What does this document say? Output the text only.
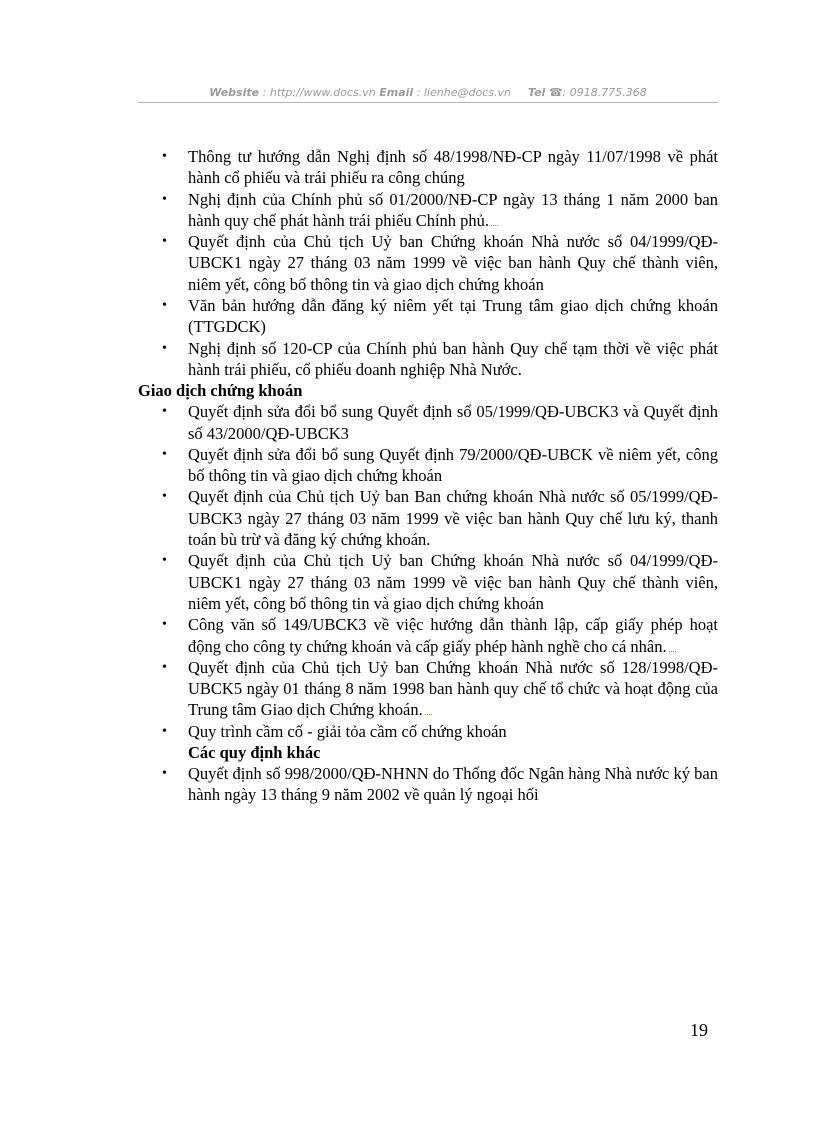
Website : http://www.docs.vn Email : lienhe@docs.vn Tel ☎: 0918.775.368
• Thông tư hướng dẫn Nghị định số 48/1998/NĐ-CP ngày 11/07/1998 về phát hành cổ phiếu và trái phiếu ra công chúng
• Nghị định của Chính phủ số 01/2000/NĐ-CP ngày 13 tháng 1 năm 2000 ban hành quy chế phát hành trái phiếu Chính phủ.
• Quyết định của Chủ tịch Uỷ ban Chứng khoán Nhà nước số 04/1999/QĐ-UBCK1 ngày 27 tháng 03 năm 1999 về việc ban hành Quy chế thành viên, niêm yết, công bố thông tin và giao dịch chứng khoán
• Văn bản hướng dẫn đăng ký niêm yết tại Trung tâm giao dịch chứng khoán (TTGDCK)
• Nghị định số 120-CP của Chính phủ ban hành Quy chế tạm thời về việc phát hành trái phiếu, cổ phiếu doanh nghiệp Nhà Nước.
Giao dịch chứng khoán
• Quyết định sửa đổi bổ sung Quyết định số 05/1999/QĐ-UBCK3 và Quyết định số 43/2000/QĐ-UBCK3
• Quyết định sửa đổi bổ sung Quyết định 79/2000/QĐ-UBCK về niêm yết, công bố thông tin và giao dịch chứng khoán
• Quyết định của Chủ tịch Uỷ ban Ban chứng khoán Nhà nước số 05/1999/QĐ-UBCK3 ngày 27 tháng 03 năm 1999 về việc ban hành Quy chế lưu ký, thanh toán bù trừ và đăng ký chứng khoán.
• Quyết định của Chủ tịch Uỷ ban Chứng khoán Nhà nước số 04/1999/QĐ-UBCK1 ngày 27 tháng 03 năm 1999 về việc ban hành Quy chế thành viên, niêm yết, công bố thông tin và giao dịch chứng khoán
• Công văn số 149/UBCK3 về việc hướng dẫn thành lập, cấp giấy phép hoạt động cho công ty chứng khoán và cấp giấy phép hành nghề cho cá nhân.
• Quyết định của Chủ tịch Uỷ ban Chứng khoán Nhà nước số 128/1998/QĐ-UBCK5 ngày 01 tháng 8 năm 1998 ban hành quy chế tổ chức và hoạt động của Trung tâm Giao dịch Chứng khoán.
• Quy trình cầm cố - giải tỏa cầm cố chứng khoán
Các quy định khác
• Quyết định số 998/2000/QĐ-NHNN do Thống đốc Ngân hàng Nhà nước ký ban hành ngày 13 tháng 9 năm 2002 về quản lý ngoại hối
19
